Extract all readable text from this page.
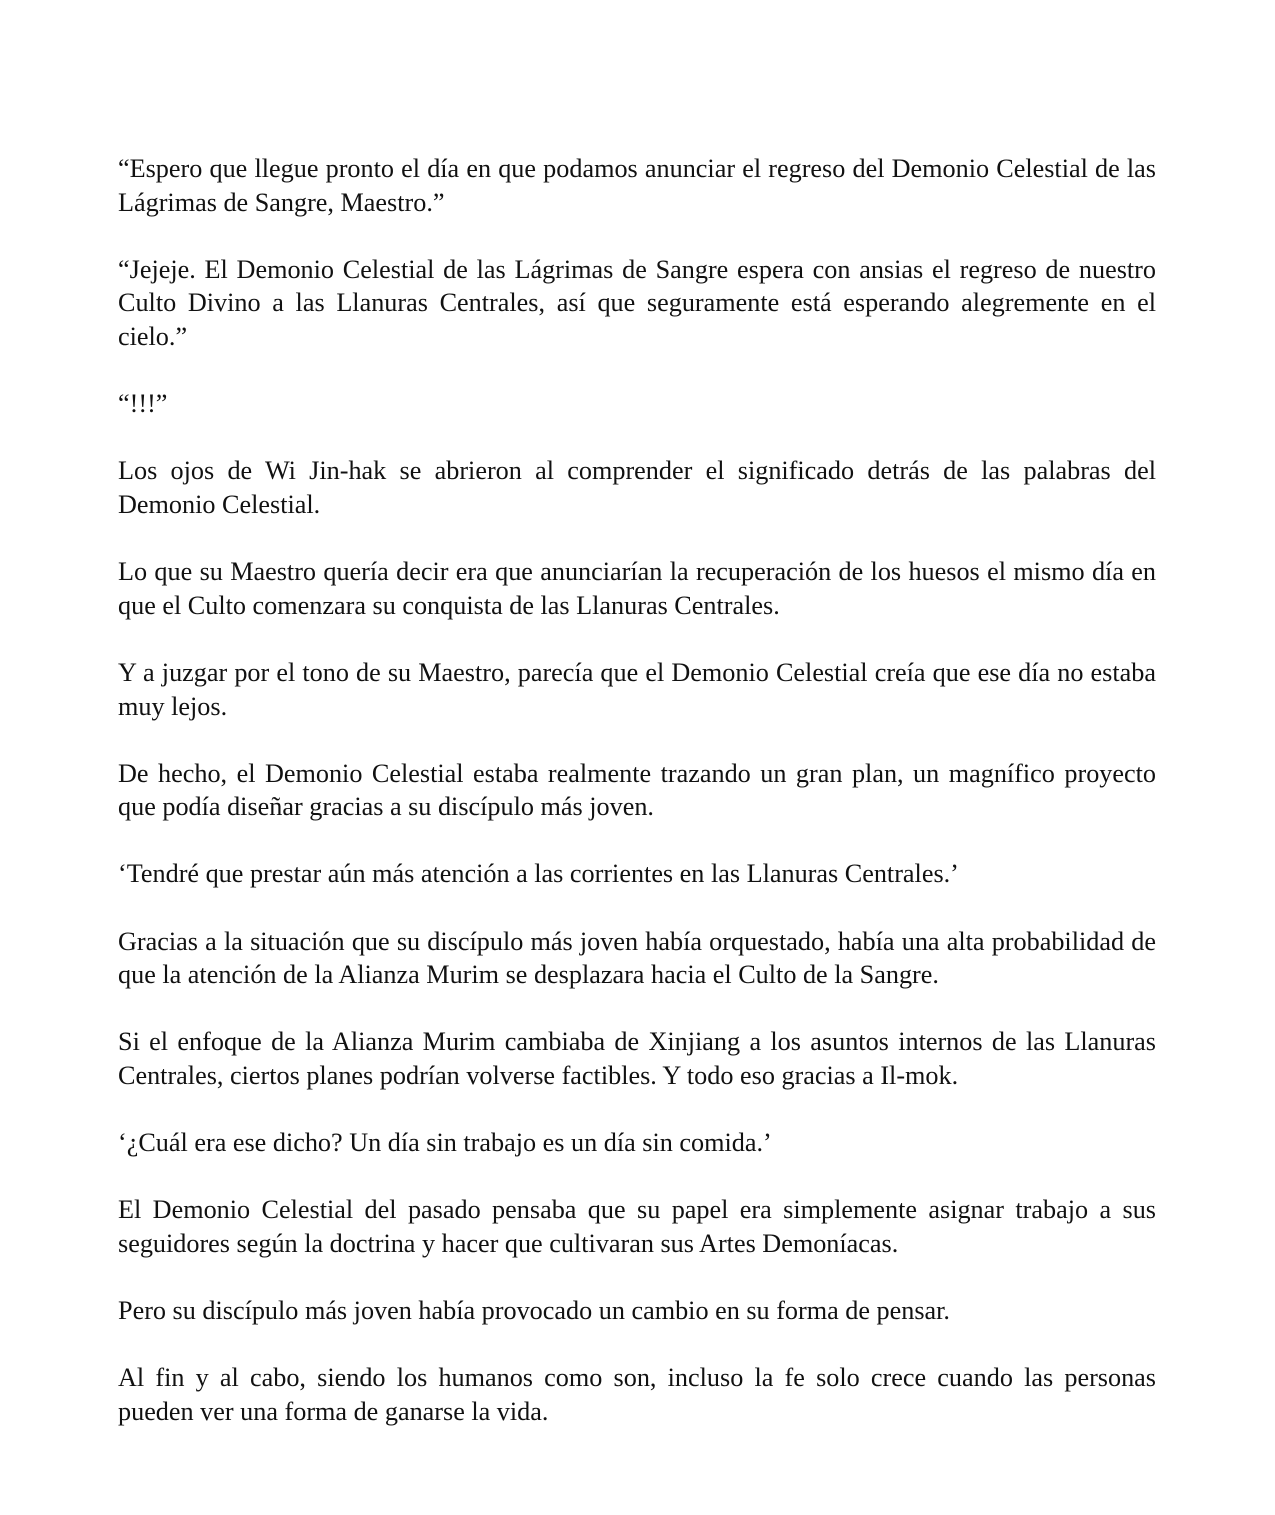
“Espero que llegue pronto el día en que podamos anunciar el regreso del Demonio Celestial de las Lágrimas de Sangre, Maestro.”

“Jejeje. El Demonio Celestial de las Lágrimas de Sangre espera con ansias el regreso de nuestro Culto Divino a las Llanuras Centrales, así que seguramente está esperando alegremente en el cielo.”

“!!!”

Los ojos de Wi Jin-hak se abrieron al comprender el significado detrás de las palabras del Demonio Celestial.

Lo que su Maestro quería decir era que anunciarían la recuperación de los huesos el mismo día en que el Culto comenzara su conquista de las Llanuras Centrales.

Y a juzgar por el tono de su Maestro, parecía que el Demonio Celestial creía que ese día no estaba muy lejos.

De hecho, el Demonio Celestial estaba realmente trazando un gran plan, un magnífico proyecto que podía diseñar gracias a su discípulo más joven.

‘Tendré que prestar aún más atención a las corrientes en las Llanuras Centrales.’

Gracias a la situación que su discípulo más joven había orquestado, había una alta probabilidad de que la atención de la Alianza Murim se desplazara hacia el Culto de la Sangre.

Si el enfoque de la Alianza Murim cambiaba de Xinjiang a los asuntos internos de las Llanuras Centrales, ciertos planes podrían volverse factibles. Y todo eso gracias a Il-mok.

‘¿Cuál era ese dicho? Un día sin trabajo es un día sin comida.’

El Demonio Celestial del pasado pensaba que su papel era simplemente asignar trabajo a sus seguidores según la doctrina y hacer que cultivaran sus Artes Demoníacas.

Pero su discípulo más joven había provocado un cambio en su forma de pensar.

Al fin y al cabo, siendo los humanos como son, incluso la fe solo crece cuando las personas pueden ver una forma de ganarse la vida.
